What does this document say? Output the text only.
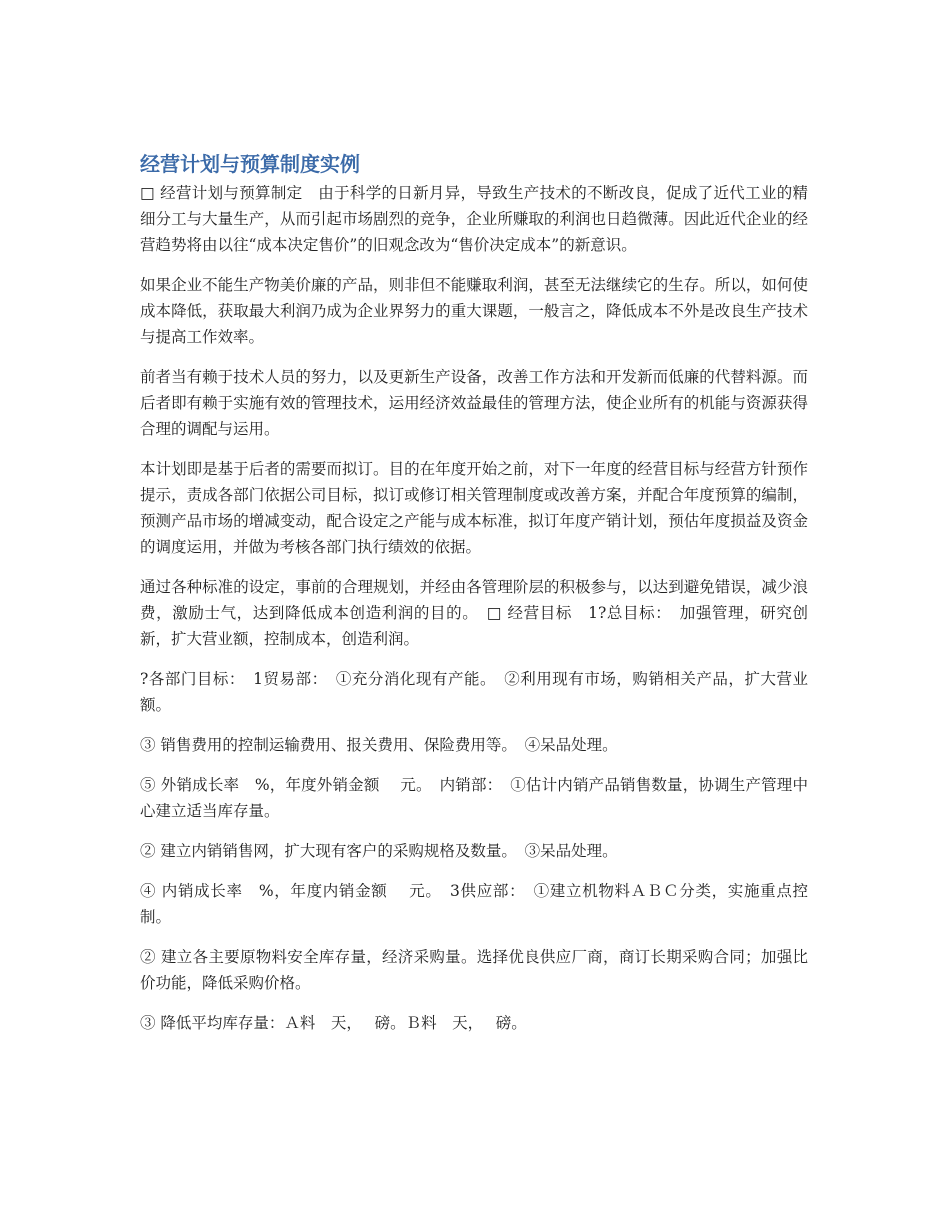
经营计划与预算制度实例

□ 经营计划与预算制定　由于科学的日新月异，导致生产技术的不断改良，促成了近代工业的精细分工与大量生产，从而引起市场剧烈的竞争，企业所赚取的利润也日趋微薄。因此近代企业的经营趋势将由以往“成本决定售价”的旧观念改为“售价决定成本”的新意识。

如果企业不能生产物美价廉的产品，则非但不能赚取利润，甚至无法继续它的生存。所以，如何使成本降低，获取最大利润乃成为企业界努力的重大课题，一般言之，降低成本不外是改良生产技术与提高工作效率。

前者当有赖于技术人员的努力，以及更新生产设备，改善工作方法和开发新而低廉的代替料源。而后者即有赖于实施有效的管理技术，运用经济效益最佳的管理方法，使企业所有的机能与资源获得合理的调配与运用。

本计划即是基于后者的需要而拟订。目的在年度开始之前，对下一年度的经营目标与经营方针预作提示，责成各部门依据公司目标，拟订或修订相关管理制度或改善方案，并配合年度预算的编制，预测产品市场的增减变动，配合设定之产能与成本标准，拟订年度产销计划，预估年度损益及资金的调度运用，并做为考核各部门执行绩效的依据。

通过各种标准的设定，事前的合理规划，并经由各管理阶层的积极参与，以达到避免错误，减少浪费，激励士气，达到降低成本创造利润的目的。　□ 经营目标　1?总目标：　加强管理，研究创新，扩大营业额，控制成本，创造利润。

?各部门目标：　1贸易部：　①充分消化现有产能。　②利用现有市场，购销相关产品，扩大营业额。

③ 销售费用的控制运输费用、报关费用、保险费用等。　④呆品处理。

⑤ 外销成长率　%，年度外销金额　 元。　内销部：　①估计内销产品销售数量，协调生产管理中心建立适当库存量。

② 建立内销销售网，扩大现有客户的采购规格及数量。　③呆品处理。

④ 内销成长率　%，年度内销金额　 元。　3供应部：　①建立机物料ＡＢＣ分类，实施重点控制。

② 建立各主要原物料安全库存量，经济采购量。选择优良供应厂商，商订长期采购合同；加强比价功能，降低采购价格。

③ 降低平均库存量：Ａ料　天，　 磅。Ｂ料　天，　 磅。
